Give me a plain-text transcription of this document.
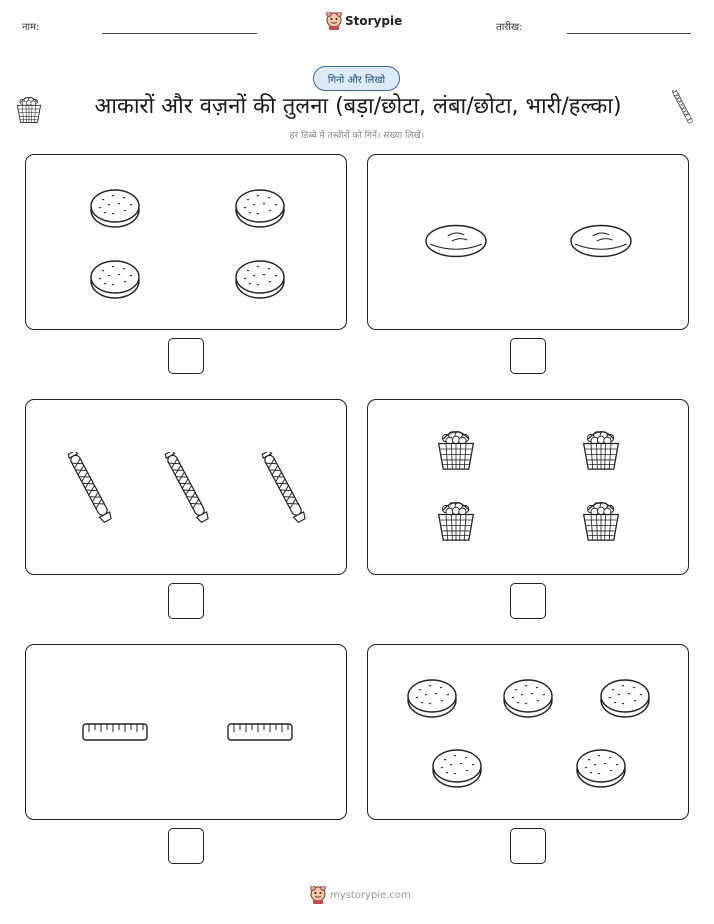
नाम:	Storypie	तारीख:
गिनो और लिखो
आकारों और वज़नों की तुलना (बड़ा/छोटा, लंबा/छोटा, भारी/हल्का)
हर डिब्बे में तस्वीरों को गिनें। संख्या लिखें।
mystorypie.com
